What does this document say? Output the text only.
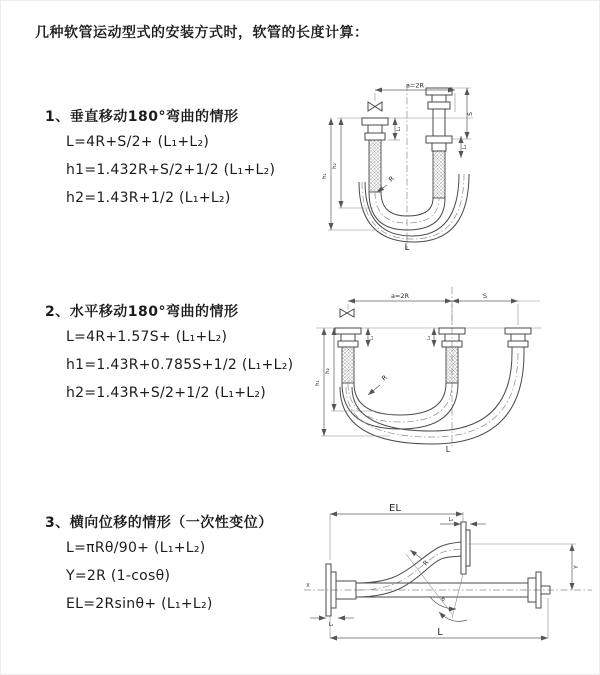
几种软管运动型式的安装方式时，软管的长度计算：
1、垂直移动180°弯曲的情形
L=4R+S/2+ (L₁+L₂)
h1=1.432R+S/2+1/2 (L₁+L₂)
h2=1.43R+1/2 (L₁+L₂)
2、水平移动180°弯曲的情形
L=4R+1.57S+ (L₁+L₂)
h1=1.43R+0.785S+1/2 (L₁+L₂)
h2=1.43R+S/2+1/2 (L₁+L₂)
3、横向位移的情形（一次性变位）
L=πRθ/90+ (L₁+L₂)
Y=2R (1-cosθ)
EL=2Rsinθ+ (L₁+L₂)
a=2R
h₁
h₂
L₁
L₂
S
R
L
a=2R	S
h₁
h₂
L₁	L₂
R
L
EL
L₂
Y
L
L₁
X
R
θ
